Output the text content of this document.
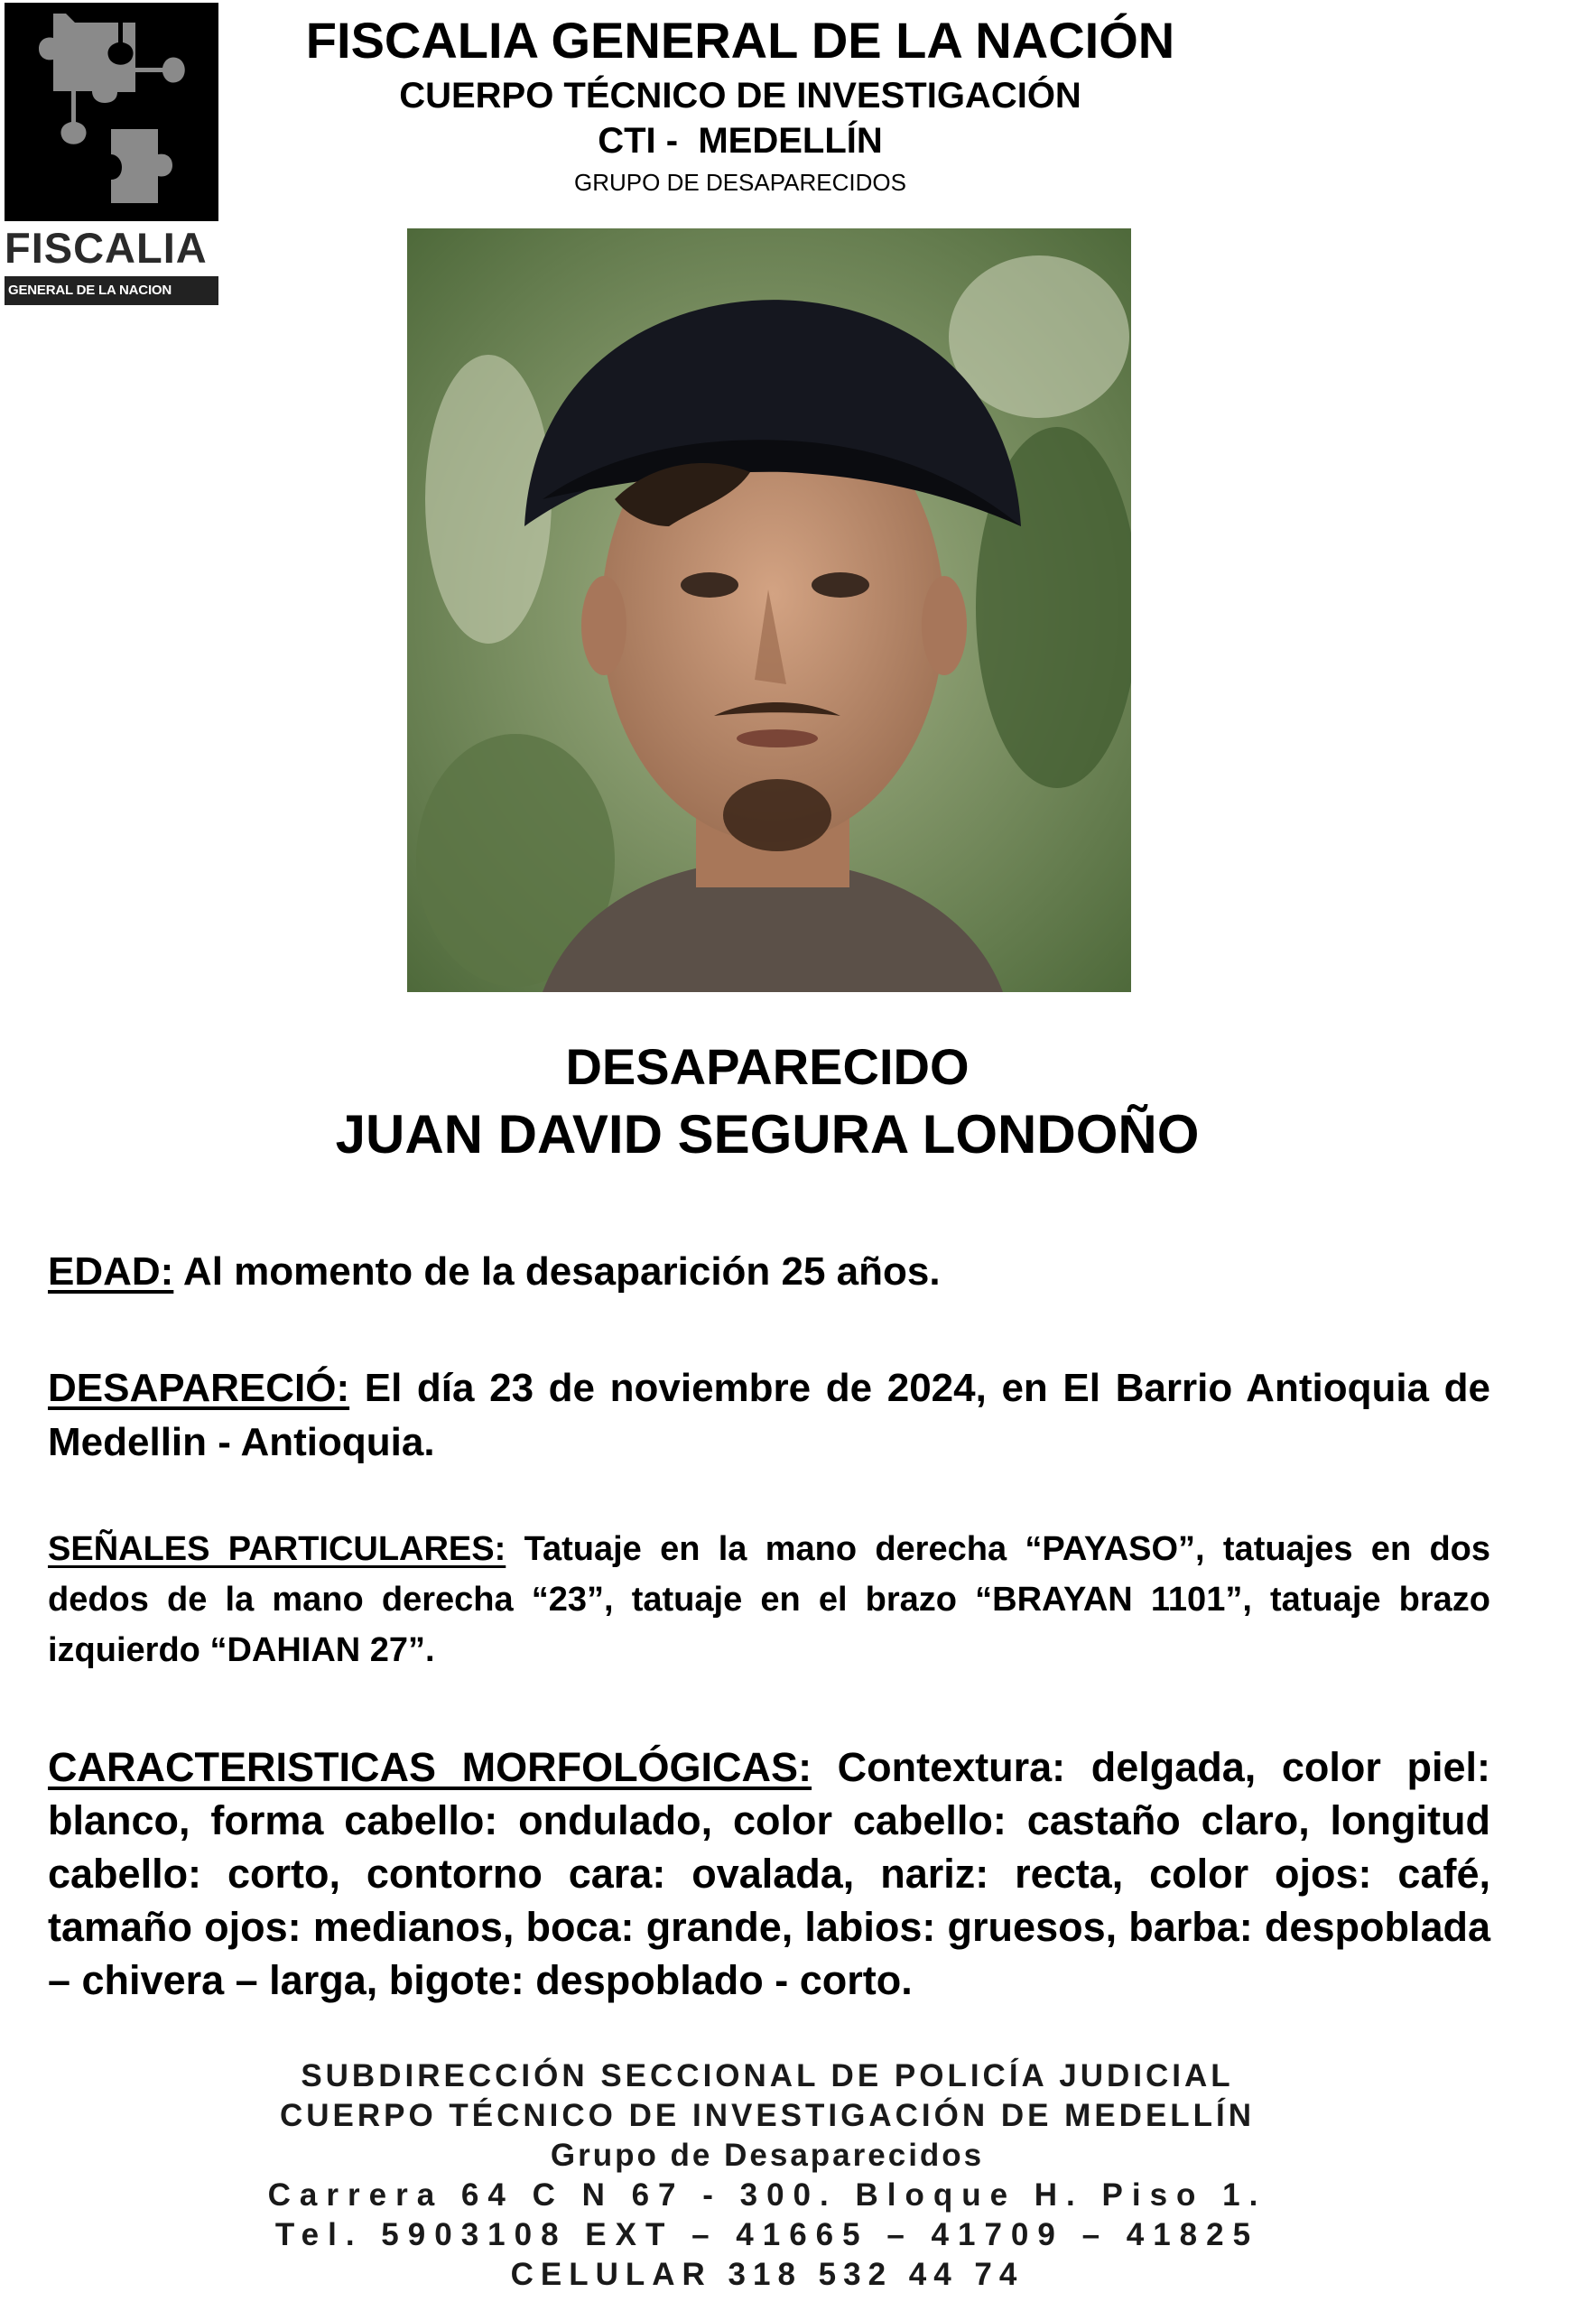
FISCALIA
GENERAL DE LA NACION
FISCALIA GENERAL DE LA NACIÓN
CUERPO TÉCNICO DE INVESTIGACIÓN
CTI -  MEDELLÍN
GRUPO DE DESAPARECIDOS
DESAPARECIDO
JUAN DAVID SEGURA LONDOÑO
EDAD: Al momento de la desaparición 25 años.
DESAPARECIÓ: El día 23 de noviembre de 2024, en El Barrio Antioquia de Medellin - Antioquia.
SEÑALES PARTICULARES: Tatuaje en la mano derecha “PAYASO”, tatuajes en dos dedos de la mano derecha “23”, tatuaje en el brazo “BRAYAN 1101”, tatuaje brazo izquierdo “DAHIAN 27”.
CARACTERISTICAS MORFOLÓGICAS: Contextura: delgada, color piel: blanco, forma cabello: ondulado, color cabello: castaño claro, longitud cabello: corto, contorno cara: ovalada, nariz: recta, color ojos: café, tamaño ojos: medianos, boca: grande, labios: gruesos, barba: despoblada – chivera – larga, bigote: despoblado - corto.
SUBDIRECCIÓN SECCIONAL DE POLICÍA JUDICIAL
CUERPO TÉCNICO DE INVESTIGACIÓN DE MEDELLÍN
Grupo de Desaparecidos
Carrera 64 C N 67 - 300. Bloque H. Piso 1.
Tel. 5903108 EXT – 41665 – 41709 – 41825
CELULAR 318 532 44 74
